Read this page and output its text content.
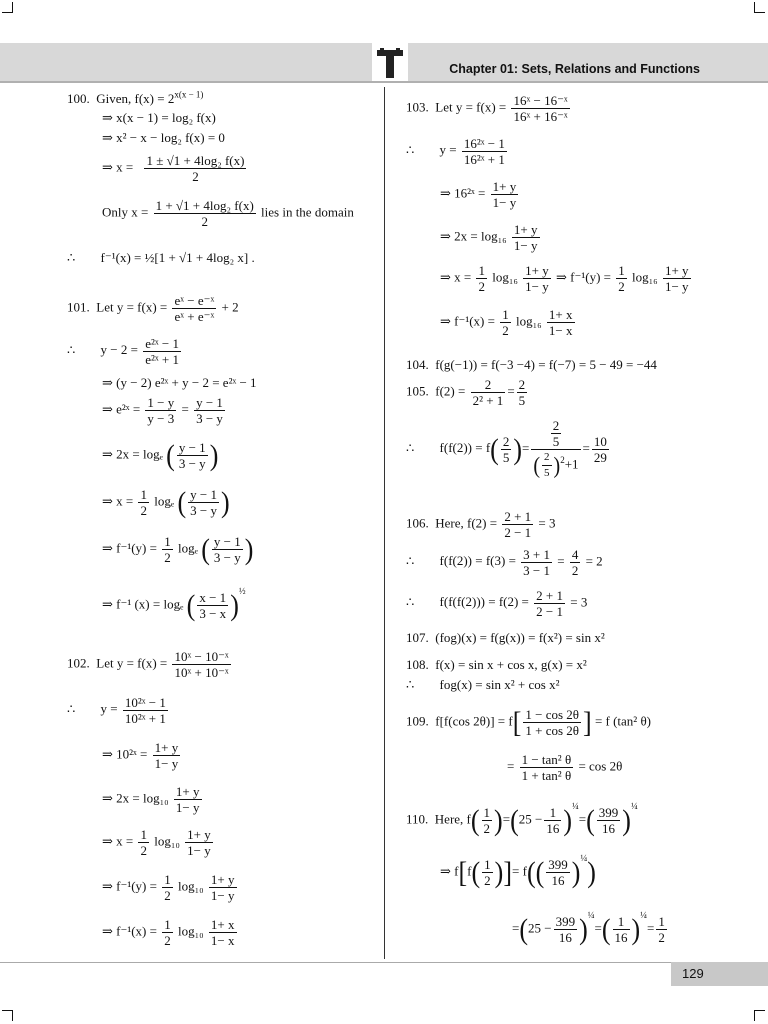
Chapter 01: Sets, Relations and Functions
100. Given, $f(x) = 2^{x(x - 1)}$
⇒ x(x − 1) = log₂ f(x)
⇒ x² − x − log₂ f(x) = 0
⇒ $x = \frac{\text{1 ± √1 + 4log₂ f(x)}}{2}$
Only $x = \frac{\text{1 + √1 + 4log₂ f(x)}}{2}$ lies in the domain
∴ f⁻¹(x) = ½[1 + √1 + 4log₂ x] .
101. Let $y = f(x) = \frac{\text{eˣ − e⁻ˣ}}{\text{eˣ + e⁻ˣ}} + 2$
∴ $y - 2 = \frac{\text{e²ˣ − 1}}{\text{e²ˣ + 1}}$
⇒ (y − 2) e²ˣ + y − 2 = e²ˣ − 1
⇒ e²ˣ = $\frac{1 - y}{y - 3} = \frac{y - 1}{3 - y}$
⇒ 2x = logₑ ( $\frac{y - 1}{3 - y}$ )
⇒ $x = \frac{1}{2}$ logₑ ( $\frac{y - 1}{3 - y}$ )
⇒ $f^{-1}(y) = \frac{1}{2}$ logₑ ( $\frac{y - 1}{3 - y}$ )
⇒ f⁻¹ (x) = logₑ ( $\frac{x - 1}{3 - x}$ )½
102. Let $y = f(x) = \frac{\text{10ˣ − 10⁻ˣ}}{\text{10ˣ + 10⁻ˣ}}$
∴ $y = \frac{\text{10²ˣ − 1}}{\text{10²ˣ + 1}}$
⇒ 10²ˣ = $\frac{1+ y}{1- y}$
⇒ $2x = \log_{10} \frac{1+ y}{1- y}$
⇒ $x = \frac{1}{2} \log_{10} \frac{1+ y}{1- y}$
⇒ $f^{-1}(y) = \frac{1}{2} \log_{10} \frac{1+ y}{1- y}$
⇒ $f^{-1}(x) = \frac{1}{2} \log_{10} \frac{1+ x}{1- x}$
103. Let $y = f(x) = \frac{\text{16ˣ − 16⁻ˣ}}{\text{16ˣ + 16⁻ˣ}}$
∴ $y = \frac{\text{16²ˣ − 1}}{\text{16²ˣ + 1}}$
⇒ 16²ˣ = $\frac{1+ y}{1- y}$
⇒ $2x = \log_{16} \frac{1+ y}{1- y}$
⇒ $x = \frac{1}{2} \log_{16} \frac{1+ y}{1- y}$ ⇒ $f^{-1}(y) = \frac{1}{2} \log_{16} \frac{1+ y}{1- y}$
⇒ $f^{-1}(x) = \frac{1}{2} \log_{16} \frac{1+ x}{1- x}$
104. f(g(−1)) = f(−3 −4) = f(−7) = 5 − 49 = −44
105. $f(2) = \frac{2}{\text{2² + 1}} = \frac{2}{5}$
∴ $f(f(2)) = f( \frac{2}{5}$ )= $\frac{\frac{2}{5}}{( \frac{2}{5} )^2+1} = \frac{10}{29}$
106. Here, $f(2) = \frac{2 + 1}{2 - 1} = 3$
∴ $f(f(2)) = f(3) = \frac{3 + 1}{3 - 1} = \frac{4}{2} = 2$
∴ $f(f(f(2))) = f(2) = \frac{2 + 1}{2 - 1} = 3$
107. (fog)(x) = f(g(x)) = f(x²) = sin x²
108. f(x) = sin x + cos x, g(x) = x²
∴ fog(x) = sin x² + cos x²
109. f[f(cos $2\theta)] = f[ \frac{1 - \cos 2\theta}{1 + \cos 2\theta}$ ] = f (tan² θ)
= $\frac{\text{1 − tan² θ}}{\text{1 + tan² θ}} = \cos 2\theta$
110. Here, $f( \frac{1}{2} )=(25 - \frac{1}{16}$ )¼=( $\frac{399}{16}$ )¼
⇒ $f[f( \frac{1}{2}$ )]= $f(( \frac{399}{16}$ )¼)
$=(25 - \frac{399}{16}$ )¼=( $\frac{1}{16}$ )¼= $\frac{1}{2}$
129
